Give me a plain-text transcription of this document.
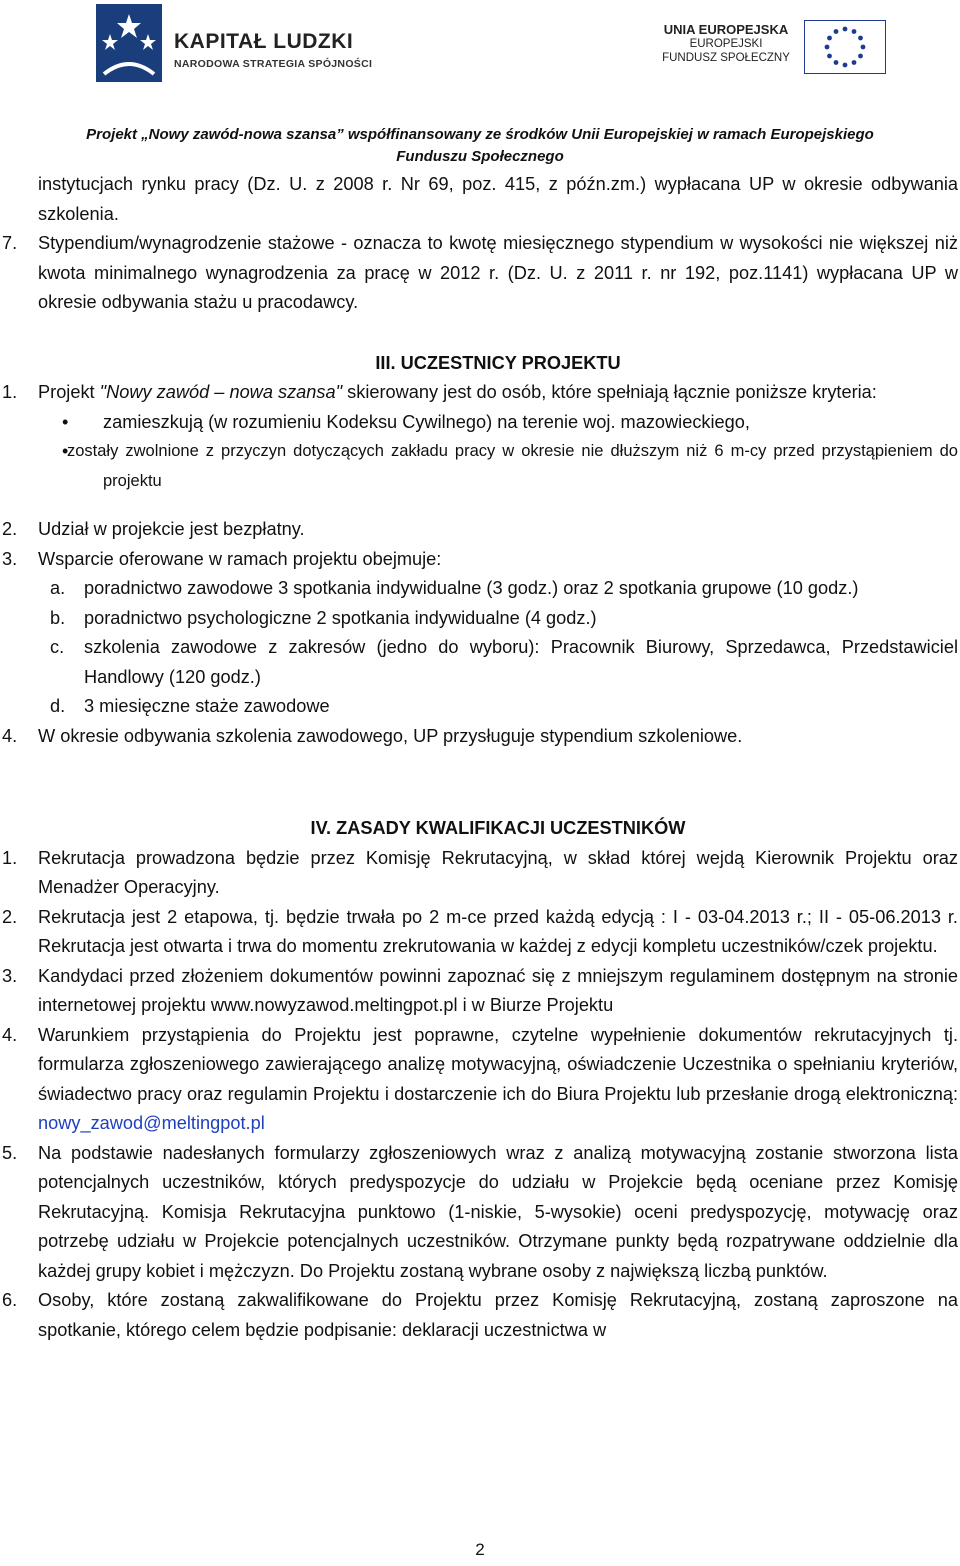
KAPITAŁ LUDZKI
NARODOWA STRATEGIA SPÓJNOŚCI
UNIA EUROPEJSKA
EUROPEJSKI
FUNDUSZ SPOŁECZNY
Projekt „Nowy zawód-nowa szansa” współfinansowany ze środków Unii Europejskiej w ramach Europejskiego
Funduszu Społecznego
instytucjach rynku pracy (Dz. U. z 2008 r. Nr 69, poz. 415, z późn.zm.) wypłacana UP w okresie odbywania szkolenia.
7.	Stypendium/wynagrodzenie stażowe - oznacza to kwotę miesięcznego stypendium w wysokości nie większej niż kwota minimalnego wynagrodzenia za pracę w 2012 r. (Dz. U. z 2011 r. nr 192, poz.1141) wypłacana UP w okresie odbywania stażu u pracodawcy.
III. UCZESTNICY PROJEKTU
1.	Projekt "Nowy zawód – nowa szansa" skierowany jest do osób, które spełniają łącznie poniższe kryteria:
• zamieszkują (w rozumieniu Kodeksu Cywilnego) na terenie woj. mazowieckiego,
•
zostały zwolnione z przyczyn dotyczących zakładu pracy w okresie nie dłuższym niż 6 m-cy przed przystąpieniem do projektu
2.	Udział w projekcie jest bezpłatny.
3.	Wsparcie oferowane w ramach projektu obejmuje:
a. poradnictwo zawodowe 3 spotkania indywidualne (3 godz.) oraz 2 spotkania grupowe (10 godz.)
b. poradnictwo psychologiczne 2 spotkania indywidualne (4 godz.)
c. szkolenia zawodowe z zakresów (jedno do wyboru): Pracownik Biurowy, Sprzedawca, Przedstawiciel Handlowy (120 godz.)
d. 3 miesięczne staże zawodowe
4.	W okresie odbywania szkolenia zawodowego, UP przysługuje stypendium szkoleniowe.
IV. ZASADY KWALIFIKACJI UCZESTNIKÓW
1.	Rekrutacja prowadzona będzie przez Komisję Rekrutacyjną, w skład której wejdą Kierownik Projektu oraz Menadżer Operacyjny.
2.	Rekrutacja jest 2 etapowa, tj. będzie trwała po 2 m-ce przed każdą edycją : I - 03-04.2013 r.; II - 05-06.2013 r. Rekrutacja jest otwarta i trwa do momentu zrekrutowania w każdej z edycji kompletu uczestników/czek projektu.
3.	Kandydaci przed złożeniem dokumentów powinni zapoznać się z mniejszym regulaminem dostępnym na stronie internetowej projektu www.nowyzawod.meltingpot.pl i w Biurze Projektu
4.	Warunkiem przystąpienia do Projektu jest poprawne, czytelne wypełnienie dokumentów rekrutacyjnych tj. formularza zgłoszeniowego zawierającego analizę motywacyjną, oświadczenie Uczestnika o spełnianiu kryteriów, świadectwo pracy oraz regulamin Projektu i dostarczenie ich do Biura Projektu lub przesłanie drogą elektroniczną: nowy_zawod@meltingpot.pl
5.	Na podstawie nadesłanych formularzy zgłoszeniowych wraz z analizą motywacyjną zostanie stworzona lista potencjalnych uczestników, których predyspozycje do udziału w Projekcie będą oceniane przez Komisję Rekrutacyjną. Komisja Rekrutacyjna punktowo (1-niskie, 5-wysokie) oceni predyspozycję, motywację oraz potrzebę udziału w Projekcie potencjalnych uczestników. Otrzymane punkty będą rozpatrywane oddzielnie dla każdej grupy kobiet i mężczyzn. Do Projektu zostaną wybrane osoby z największą liczbą punktów.
6.	Osoby, które zostaną zakwalifikowane do Projektu przez Komisję Rekrutacyjną, zostaną zaproszone na spotkanie, którego celem będzie podpisanie: deklaracji uczestnictwa w
2
